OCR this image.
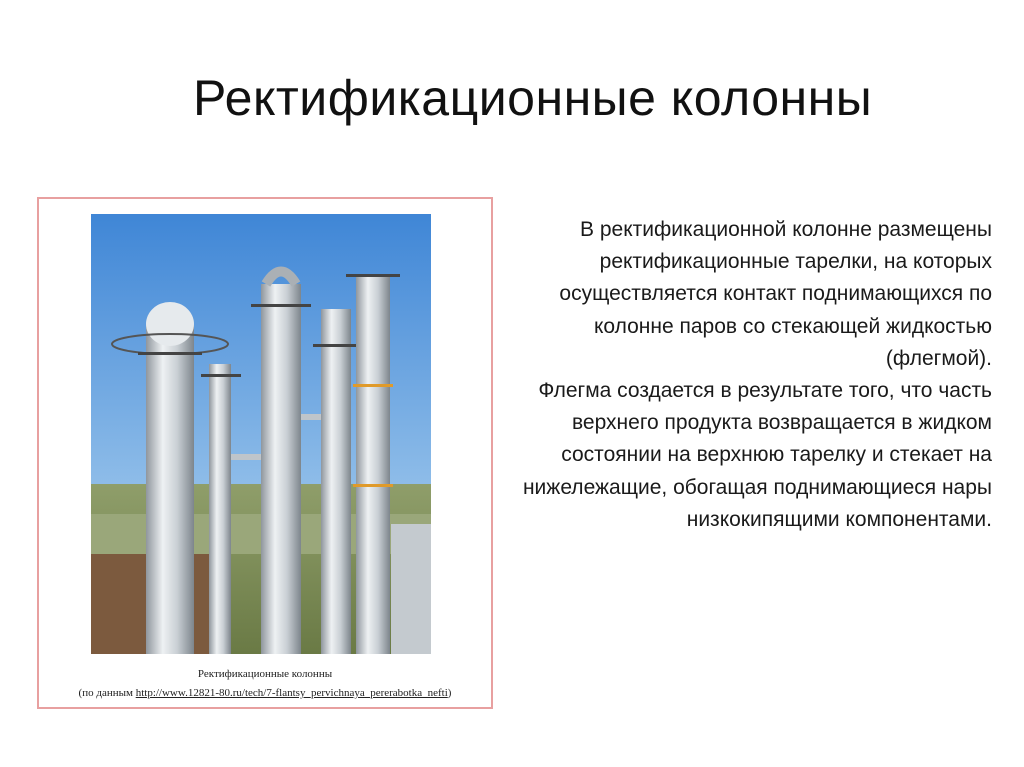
Ректификационные колонны
Ректификационные колонны
(по данным http://www.12821-80.ru/tech/7-flantsy_pervichnaya_pererabotka_nefti)

В ректификационной колонне размещены ректификационные тарелки, на которых осуществляется контакт поднимающихся по колонне паров со стекающей жидкостью (флегмой).

Флегма создается в результате того, что часть верхнего продукта возвращается в жидком состоянии на верхнюю тарелку и стекает на нижележащие, обогащая поднимающиеся нары низкокипящими компонентами.
